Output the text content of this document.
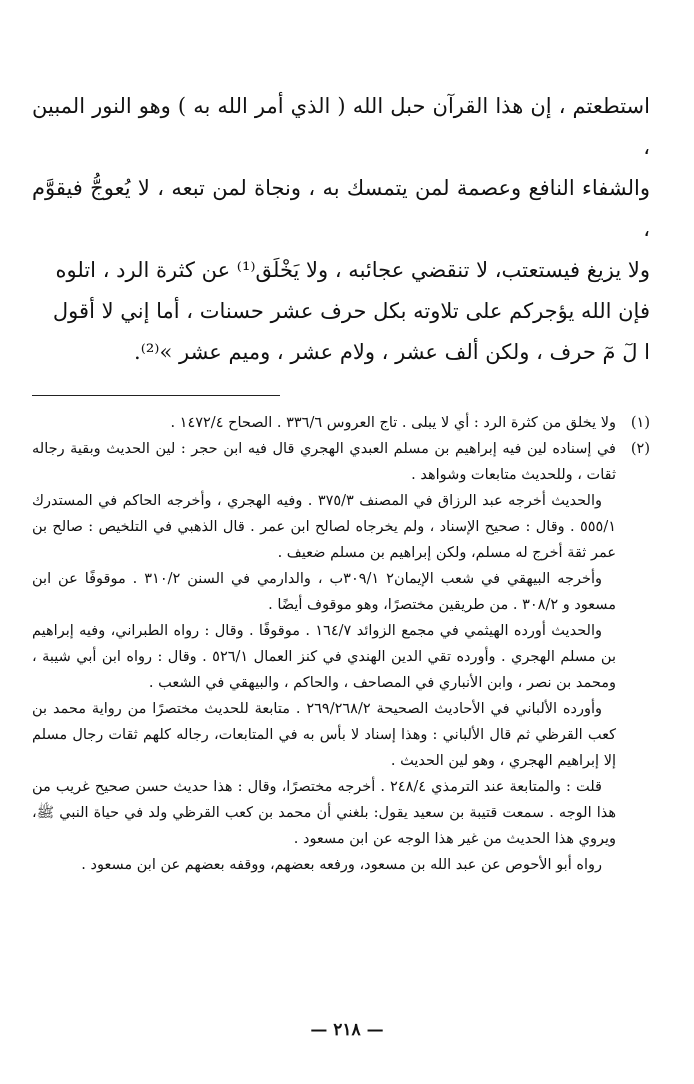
استطعتم ، إن هذا القرآن حبل الله ( الذي أمر الله به ) وهو النور المبين ،

والشفاء النافع وعصمة لمن يتمسك به ، ونجاة لمن تبعه ، لا يُعوجُّ فيقوَّم ،

ولا يزيغ فيستعتب، لا تنقضي عجائبه ، ولا يَخْلَق⁽¹⁾ عن كثرة الرد ، اتلوه

فإن الله يؤجركم على تلاوته بكل حرف عشر حسنات ، أما إني لا أقول

ا لٓ مٓ حرف ، ولكن ألف عشر ، ولام عشر ، وميم عشر »⁽²⁾.

(١)

ولا يخلق من كثرة الرد : أي لا يبلى . تاج العروس ٣٣٦/٦ . الصحاح ١٤٧٢/٤ .

(٢)

في إسناده لين فيه إبراهيم بن مسلم العبدي الهجري قال فيه ابن حجر : لين الحديث وبقية رجاله ثقات ، وللحديث متابعات وشواهد .

والحديث أخرجه عبد الرزاق في المصنف ٣٧٥/٣ . وفيه الهجري ، وأخرجه الحاكم في المستدرك ٥٥٥/١ . وقال : صحيح الإسناد ، ولم يخرجاه لصالح ابن عمر . قال الذهبي في التلخيص : صالح بن عمر ثقة أخرج له مسلم، ولكن إبراهيم بن مسلم ضعيف .

وأخرجه البيهقي في شعب الإيمان٢ ٣٠٩/١ب ، والدارمي في السنن ٣١٠/٢ . موقوفًا عن ابن مسعود و ٣٠٨/٢ . من طريقين مختصرًا، وهو موقوف أيضًا .

والحديث أورده الهيثمي في مجمع الزوائد ١٦٤/٧ . موقوفًا . وقال : رواه الطبراني، وفيه إبراهيم بن مسلم الهجري . وأورده تقي الدين الهندي في كنز العمال ٥٢٦/١ . وقال : رواه ابن أبي شيبة ، ومحمد بن نصر ، وابن الأنباري في المصاحف ، والحاكم ، والبيهقي في الشعب .

وأورده الألباني في الأحاديث الصحيحة ٢٦٩/٢٦٨/٢ . متابعة للحديث مختصرًا من رواية محمد بن كعب القرظي ثم قال الألباني : وهذا إسناد لا بأس به في المتابعات، رجاله كلهم ثقات رجال مسلم إلا إبراهيم الهجري ، وهو لين الحديث .

قلت : والمتابعة عند الترمذي ٢٤٨/٤ . أخرجه مختصرًا، وقال : هذا حديث حسن صحيح غريب من هذا الوجه . سمعت قتيبة بن سعيد يقول: بلغني أن محمد بن كعب القرظي ولد في حياة النبي ﷺ، ويروي هذا الحديث من غير هذا الوجه عن ابن مسعود .

رواه أبو الأحوص عن عبد الله بن مسعود، ورفعه بعضهم، ووقفه بعضهم عن ابن مسعود .

— ٢١٨ —
